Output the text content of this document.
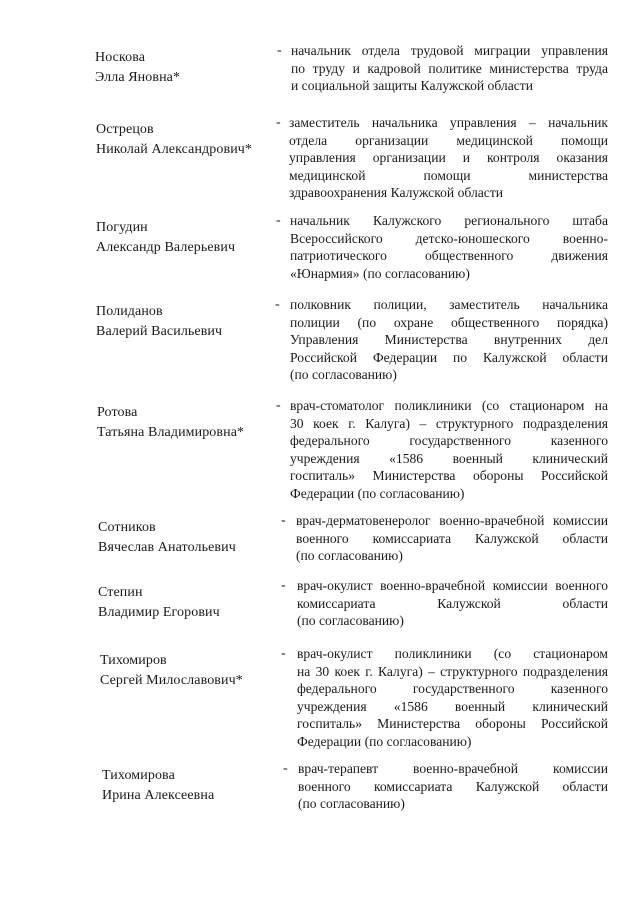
Носкова
Элла Яновна*
- начальник отдела трудовой миграции управления
по труду и кадровой политике министерства труда
и социальной защиты Калужской области
Острецов
Николай Александрович*
- заместитель начальника управления – начальник
отдела организации медицинской помощи
управления организации и контроля оказания
медицинской помощи министерства
здравоохранения Калужской области
Погудин
Александр Валерьевич
- начальник Калужского регионального штаба
Всероссийского детско-юношеского военно-
патриотического общественного движения
«Юнармия» (по согласованию)
Полиданов
Валерий Васильевич
- полковник полиции, заместитель начальника
полиции (по охране общественного порядка)
Управления Министерства внутренних дел
Российской Федерации по Калужской области
(по согласованию)
Ротова
Татьяна Владимировна*
- врач-стоматолог поликлиники (со стационаром на
30 коек г. Калуга) – структурного подразделения
федерального государственного казенного
учреждения «1586 военный клинический
госпиталь» Министерства обороны Российской
Федерации (по согласованию)
Сотников
Вячеслав Анатольевич
- врач-дерматовенеролог военно-врачебной комиссии
военного комиссариата Калужской области
(по согласованию)
Степин
Владимир Егорович
- врач-окулист военно-врачебной комиссии военного
комиссариата Калужской области
(по согласованию)
Тихомиров
Сергей Милославович*
- врач-окулист поликлиники (со стационаром
на 30 коек г. Калуга) – структурного подразделения
федерального государственного казенного
учреждения «1586 военный клинический
госпиталь» Министерства обороны Российской
Федерации (по согласованию)
Тихомирова
Ирина Алексеевна
- врач-терапевт военно-врачебной комиссии
военного комиссариата Калужской области
(по согласованию)
